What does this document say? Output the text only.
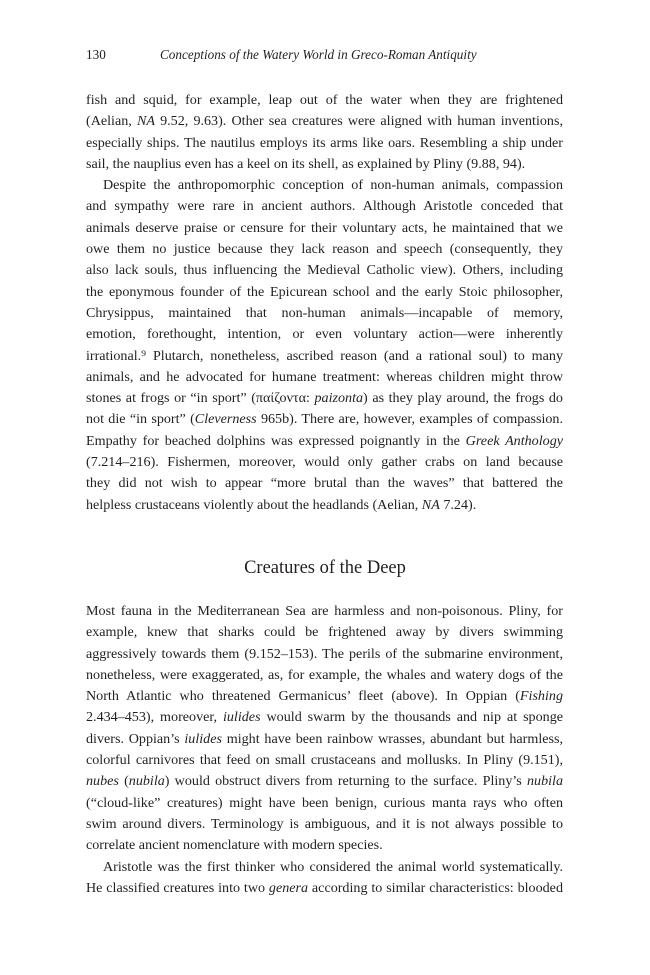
130	Conceptions of the Watery World in Greco-Roman Antiquity
fish and squid, for example, leap out of the water when they are frightened
(Aelian, NA 9.52, 9.63). Other sea creatures were aligned with human inventions,
especially ships. The nautilus employs its arms like oars. Resembling a ship under
sail, the nauplius even has a keel on its shell, as explained by Pliny (9.88, 94).
Despite the anthropomorphic conception of non-human animals, compassion
and sympathy were rare in ancient authors. Although Aristotle conceded that
animals deserve praise or censure for their voluntary acts, he maintained that we
owe them no justice because they lack reason and speech (consequently, they
also lack souls, thus influencing the Medieval Catholic view). Others, including
the eponymous founder of the Epicurean school and the early Stoic philosopher,
Chrysippus, maintained that non-human animals—incapable of memory,
emotion, forethought, intention, or even voluntary action—were inherently
irrational.⁹ Plutarch, nonetheless, ascribed reason (and a rational soul) to many
animals, and he advocated for humane treatment: whereas children might throw
stones at frogs or “in sport” (παίζοντα: paizonta) as they play around, the frogs do
not die “in sport” (Cleverness 965b). There are, however, examples of compassion.
Empathy for beached dolphins was expressed poignantly in the Greek Anthology
(7.214–216). Fishermen, moreover, would only gather crabs on land because
they did not wish to appear “more brutal than the waves” that battered the
helpless crustaceans violently about the headlands (Aelian, NA 7.24).
Creatures of the Deep
Most fauna in the Mediterranean Sea are harmless and non-poisonous. Pliny, for
example, knew that sharks could be frightened away by divers swimming
aggressively towards them (9.152–153). The perils of the submarine environment,
nonetheless, were exaggerated, as, for example, the whales and watery dogs of the
North Atlantic who threatened Germanicus’ fleet (above). In Oppian (Fishing
2.434–453), moreover, iulides would swarm by the thousands and nip at sponge
divers. Oppian’s iulides might have been rainbow wrasses, abundant but harmless,
colorful carnivores that feed on small crustaceans and mollusks. In Pliny (9.151),
nubes (nubila) would obstruct divers from returning to the surface. Pliny’s nubila
(“cloud-like” creatures) might have been benign, curious manta rays who often
swim around divers. Terminology is ambiguous, and it is not always possible to
correlate ancient nomenclature with modern species.
Aristotle was the first thinker who considered the animal world systematically.
He classified creatures into two genera according to similar characteristics: blooded
